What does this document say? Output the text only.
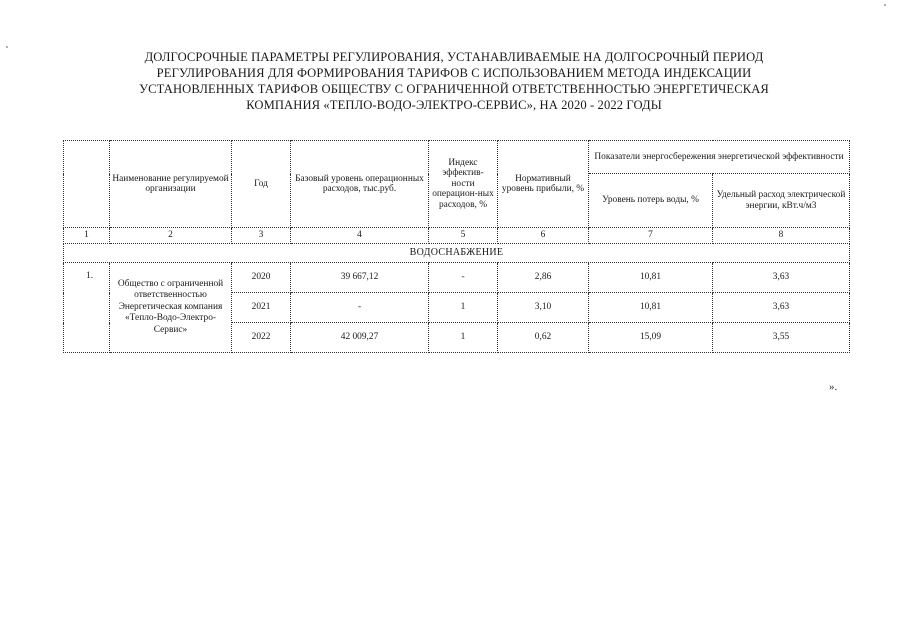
ДОЛГОСРОЧНЫЕ ПАРАМЕТРЫ РЕГУЛИРОВАНИЯ, УСТАНАВЛИВАЕМЫЕ НА ДОЛГОСРОЧНЫЙ ПЕРИОД
РЕГУЛИРОВАНИЯ ДЛЯ ФОРМИРОВАНИЯ ТАРИФОВ С ИСПОЛЬЗОВАНИЕМ МЕТОДА ИНДЕКСАЦИИ
УСТАНОВЛЕННЫХ ТАРИФОВ ОБЩЕСТВУ С ОГРАНИЧЕННОЙ ОТВЕТСТВЕННОСТЬЮ ЭНЕРГЕТИЧЕСКАЯ
КОМПАНИЯ «ТЕПЛО-ВОДО-ЭЛЕКТРО-СЕРВИС», НА 2020 - 2022 ГОДЫ
	Наименование регулируемой организации	Год	Базовый уровень операционных расходов, тыс.руб.	Индекс эффектив-ности операцион-ных расходов, %	Нормативный уровень прибыли, %	Показатели энергосбережения энергетической эффективности	
						Уровень потерь воды, %	Удельный расход электрической энергии, кВт.ч/м3
1	2	3	4	5	6	7	8
ВОДОСНАБЖЕНИЕ							
1.	Общество с ограниченной ответственностью Энергетическая компания «Тепло-Водо-Электро-Сервис»	2020	39 667,12	-	2,86	10,81	3,63
		2021	-	1	3,10	10,81	3,63
		2022	42 009,27	1	0,62	15,09	3,55
».
